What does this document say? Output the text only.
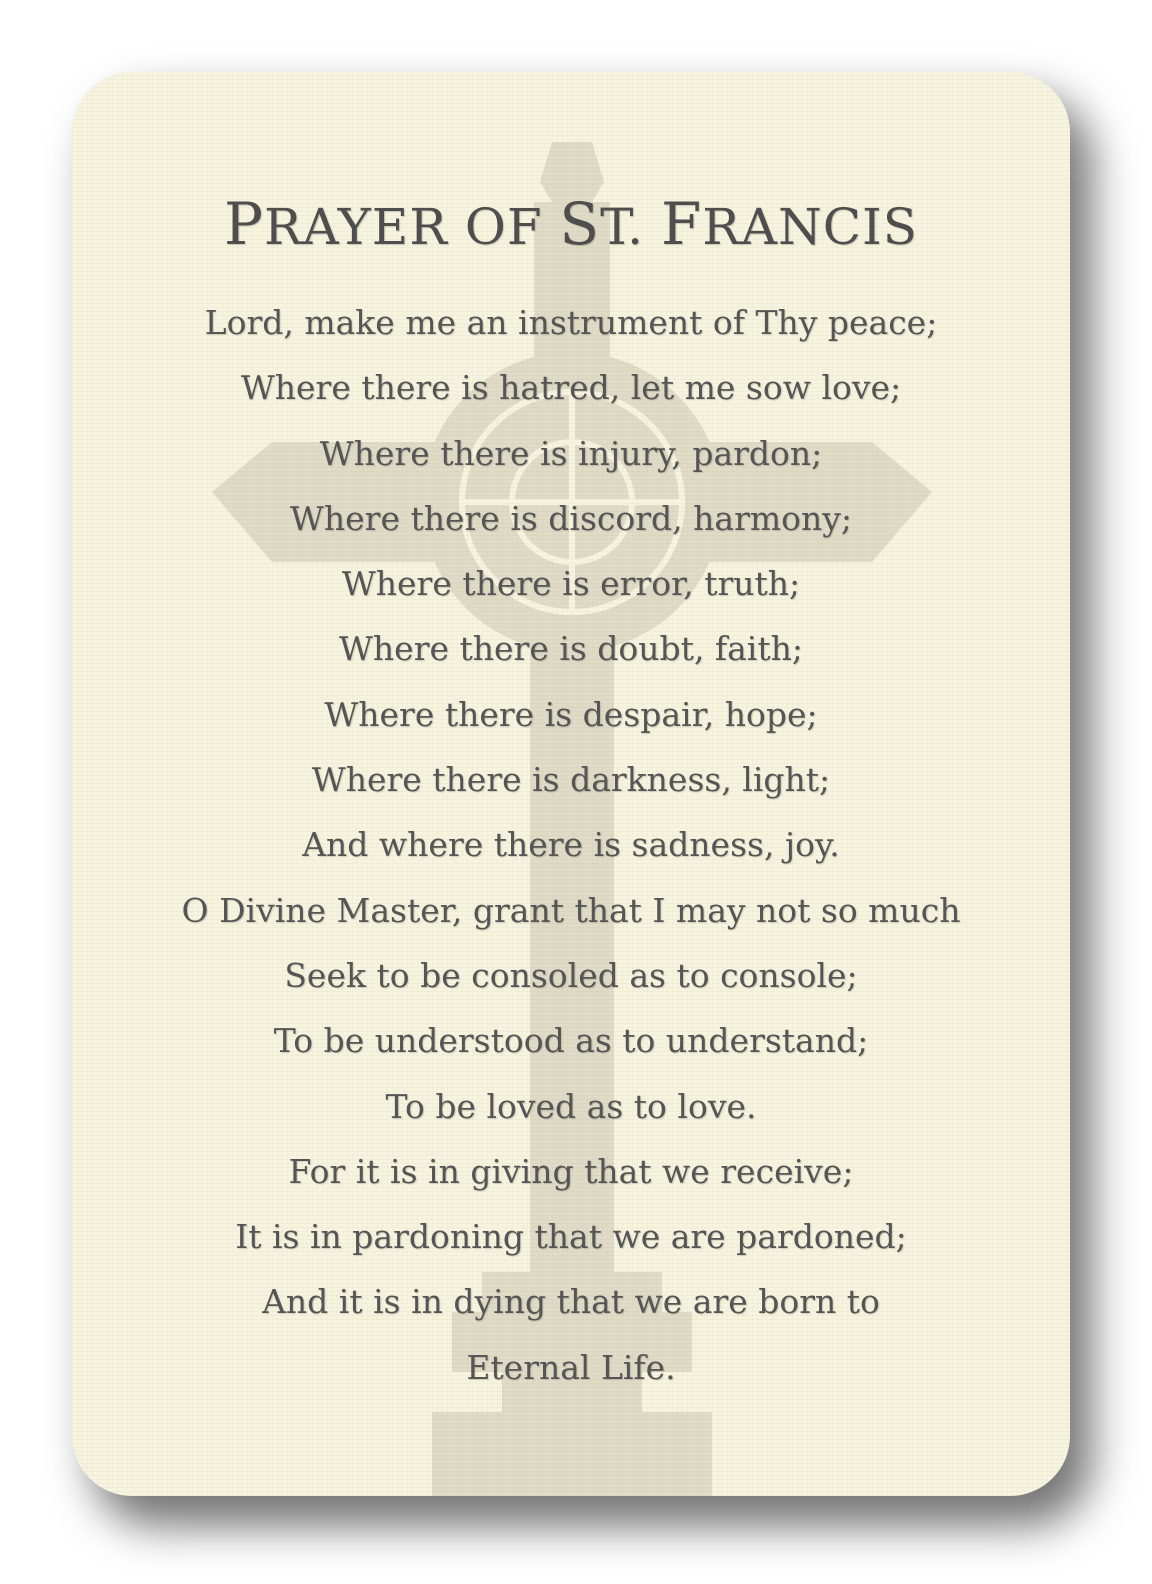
PRAYER OF ST. FRANCIS
Lord, make me an instrument of Thy peace;
Where there is hatred, let me sow love;
Where there is injury, pardon;
Where there is discord, harmony;
Where there is error, truth;
Where there is doubt, faith;
Where there is despair, hope;
Where there is darkness, light;
And where there is sadness, joy.
O Divine Master, grant that I may not so much
Seek to be consoled as to console;
To be understood as to understand;
To be loved as to love.
For it is in giving that we receive;
It is in pardoning that we are pardoned;
And it is in dying that we are born to
Eternal Life.
